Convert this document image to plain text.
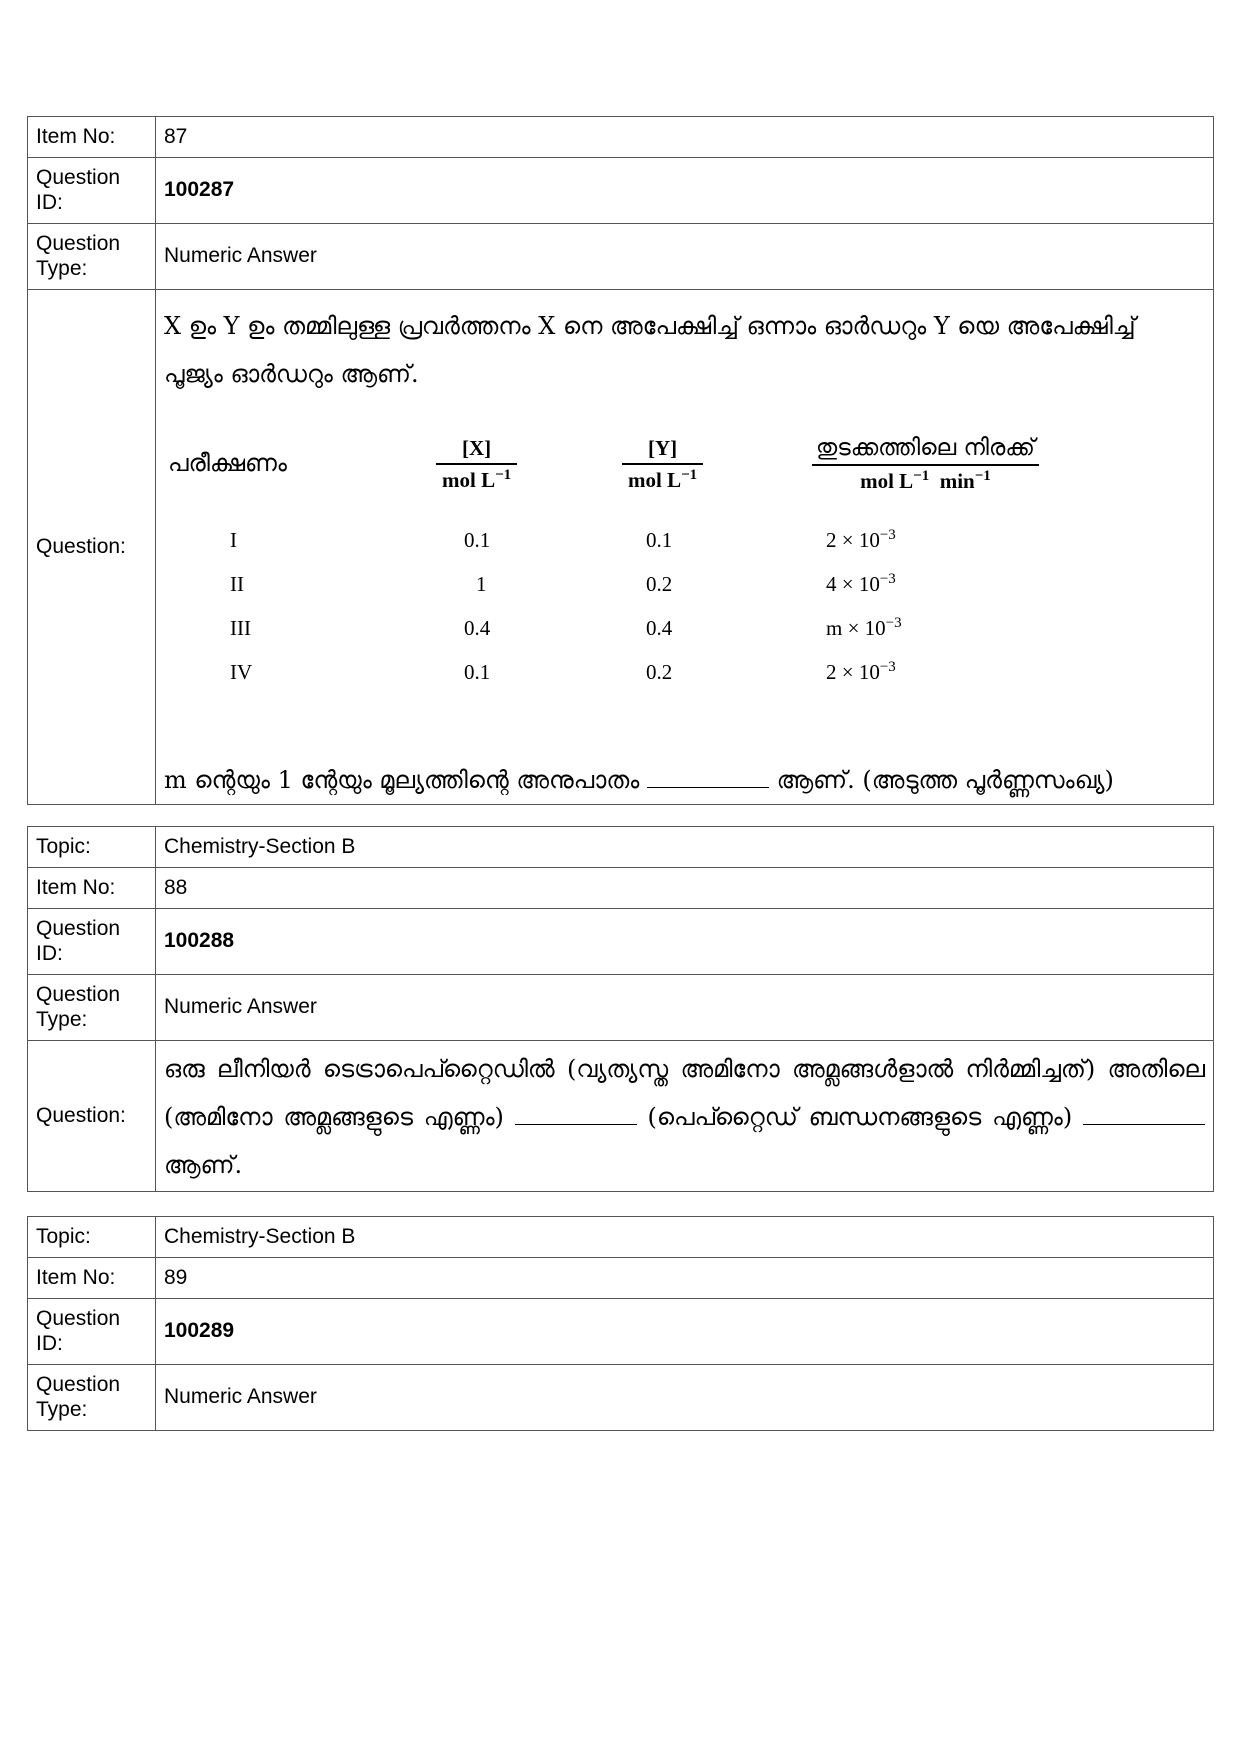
Item No:	87
Question
ID:	100287
Question
Type:	Numeric Answer
Question:	
X ഉം Y ഉം തമ്മിലുള്ള പ്രവർത്തനം X നെ അപേക്ഷിച്ച് ഒന്നാം ഓർഡറും Y യെ അപേക്ഷിച്ച്
പൂജ്യം ഓർഡറും ആണ്.
പരീക്ഷണം	$\frac{[X]}{mol L^{-1}}$	$\frac{[Y]}{mol L^{-1}}$	$\frac{\text{തുടക്കത്തിലെ നിരക്ക്}}{mol L^{-1} \min^{-1}}$

I	0.1	0.1	$2 \times 10^{-3}$
II	1	0.2	$4 \times 10^{-3}$
III	0.4	0.4	$m \times 10^{-3}$
IV	0.1	0.2	$2 \times 10^{-3}$
m ന്റെയും 1 ന്റേയും മൂല്യത്തിന്റെ അനുപാതം	ആണ്. (അടുത്ത പൂർണ്ണസംഖ്യ)
Topic:	Chemistry-Section B
Item No:	88
Question
ID:	100288
Question
Type:	Numeric Answer
Question:	ഒരു ലീനിയർ ടെട്രാപെപ്റ്റൈഡിൽ (വ്യത്യസ്ത അമിനോ അമ്ലങ്ങൾളാൽ നിർമ്മിച്ചത്) അതിലെ (അമിനോ അമ്ലങ്ങളുടെ എണ്ണം) (പെപ്റ്റൈഡ് ബന്ധനങ്ങളുടെ എണ്ണം)  ആണ്.
Topic:	Chemistry-Section B
Item No:	89
Question
ID:	100289
Question
Type:	Numeric Answer
